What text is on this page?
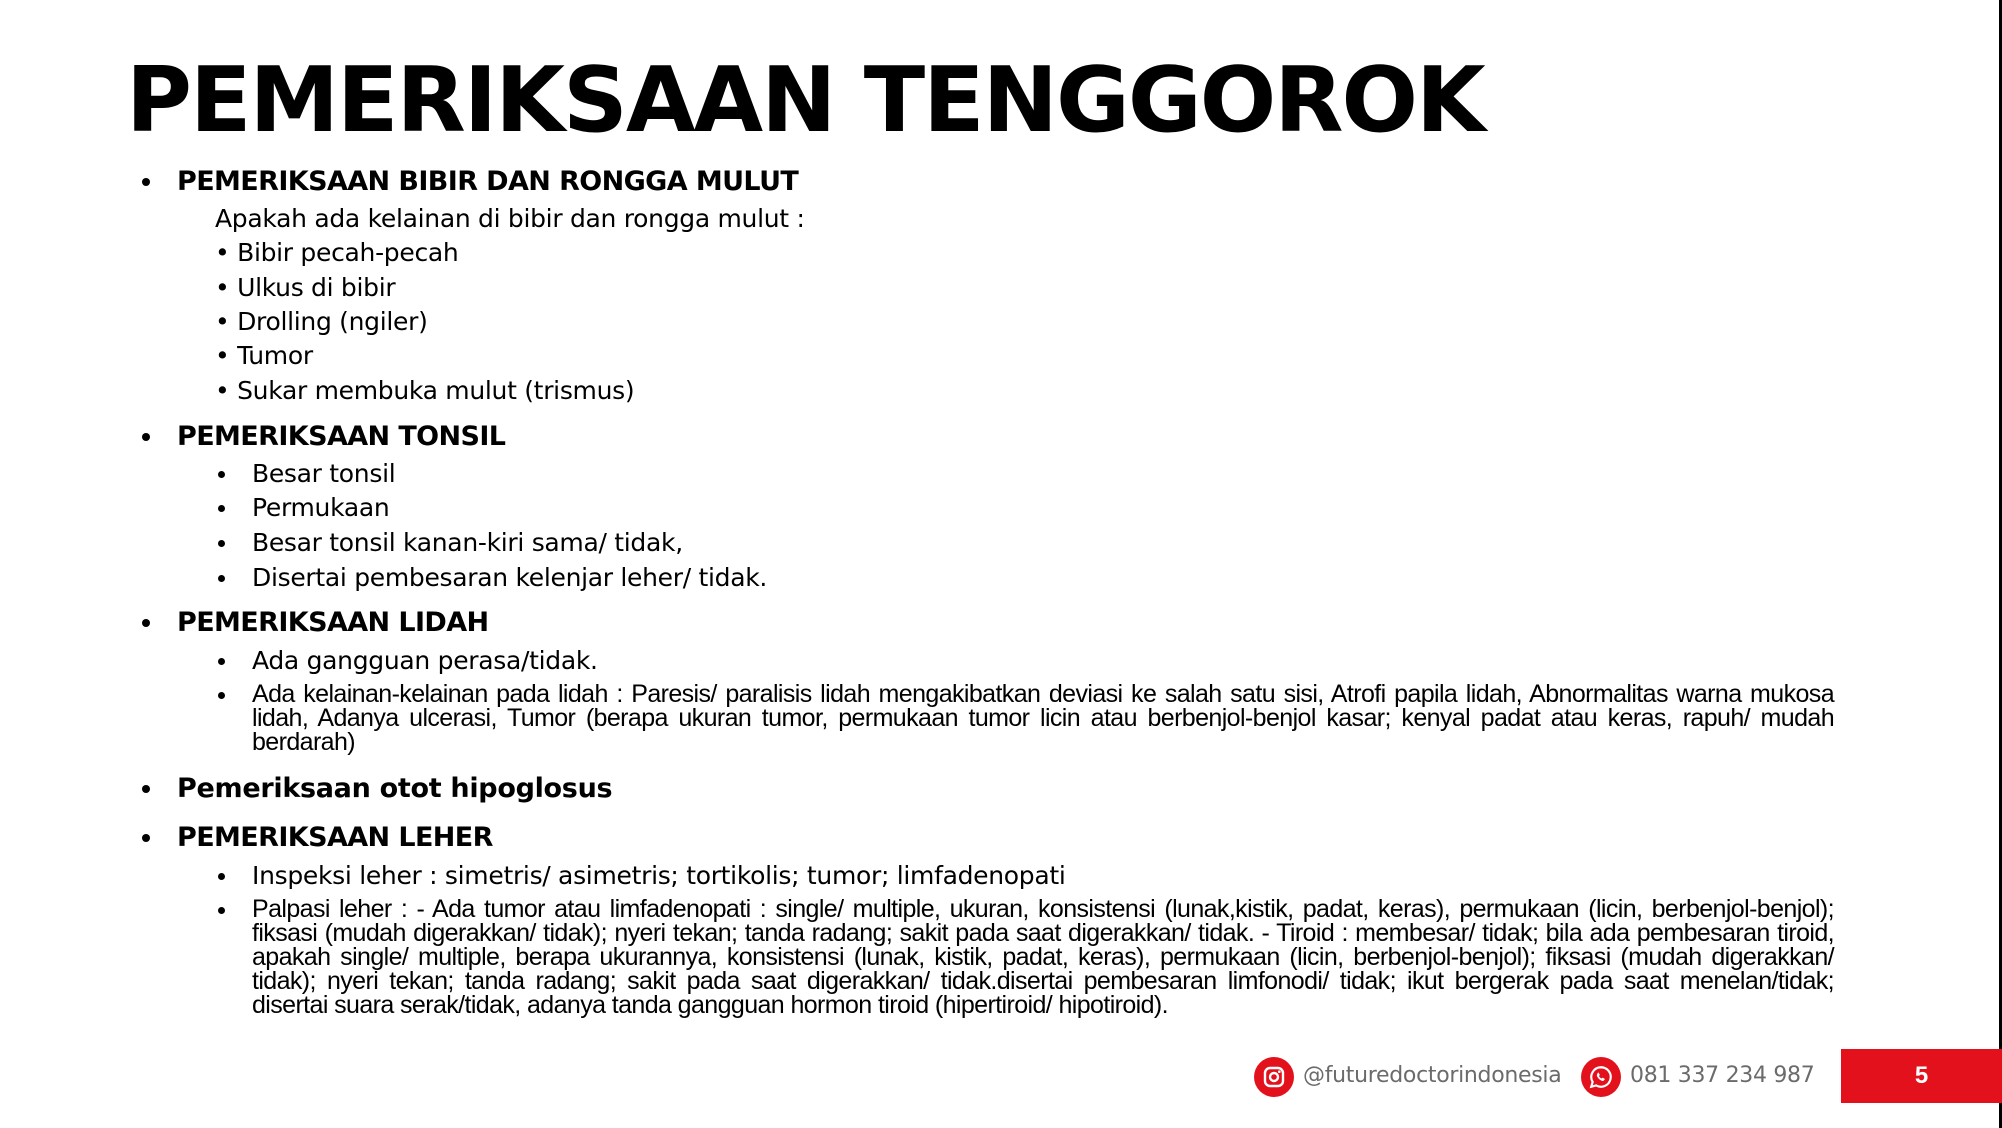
PEMERIKSAAN TENGGOROK
PEMERIKSAAN BIBIR DAN RONGGA MULUT
Apakah ada kelainan di bibir dan rongga mulut :
• Bibir pecah-pecah
• Ulkus di bibir
• Drolling (ngiler)
• Tumor
• Sukar membuka mulut (trismus)
PEMERIKSAAN TONSIL
Besar tonsil
Permukaan
Besar tonsil kanan-kiri sama/ tidak,
Disertai pembesaran kelenjar leher/ tidak.
PEMERIKSAAN LIDAH
Ada gangguan perasa/tidak.
Ada kelainan-kelainan pada lidah : Paresis/ paralisis lidah mengakibatkan deviasi ke salah satu sisi, Atrofi papila lidah, Abnormalitas warna mukosa lidah, Adanya ulcerasi, Tumor (berapa ukuran tumor, permukaan tumor licin atau berbenjol-benjol kasar; kenyal padat atau keras, rapuh/ mudah berdarah)
Pemeriksaan otot hipoglosus
PEMERIKSAAN LEHER
Inspeksi leher : simetris/ asimetris; tortikolis; tumor; limfadenopati
Palpasi leher : - Ada tumor atau limfadenopati : single/ multiple, ukuran, konsistensi (lunak,kistik, padat, keras), permukaan (licin, berbenjol-benjol); fiksasi (mudah digerakkan/ tidak); nyeri tekan; tanda radang; sakit pada saat digerakkan/ tidak. - Tiroid : membesar/ tidak; bila ada pembesaran tiroid, apakah single/ multiple, berapa ukurannya, konsistensi (lunak, kistik, padat, keras), permukaan (licin, berbenjol-benjol); fiksasi (mudah digerakkan/ tidak); nyeri tekan; tanda radang; sakit pada saat digerakkan/ tidak.disertai pembesaran limfonodi/ tidak; ikut bergerak pada saat menelan/tidak; disertai suara serak/tidak, adanya tanda gangguan hormon tiroid (hipertiroid/ hipotiroid).
@futuredoctorindonesia	081 337 234 987	5
